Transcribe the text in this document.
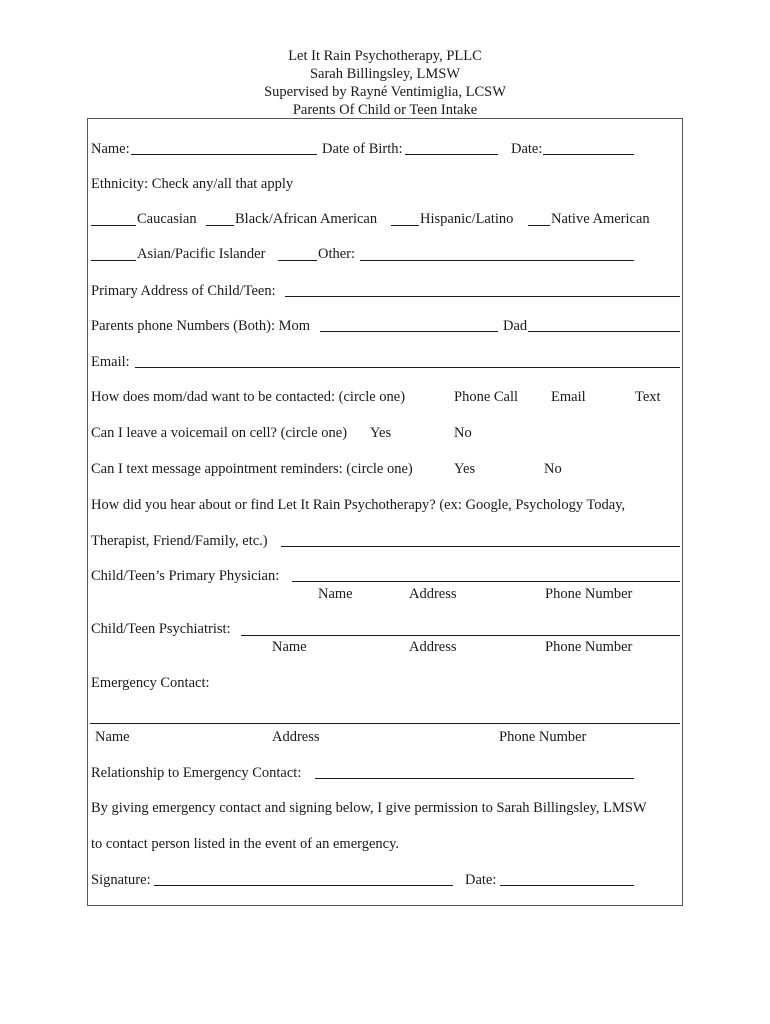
Let It Rain Psychotherapy, PLLC
Sarah Billingsley, LMSW
Supervised by Rayné Ventimiglia, LCSW
Parents Of Child or Teen Intake
Name:	Date of Birth:	Date:
Ethnicity: Check any/all that apply
Caucasian	Black/African American	Hispanic/Latino	Native American
Asian/Pacific Islander	Other:
Primary Address of Child/Teen:
Parents phone Numbers (Both): Mom	Dad
Email:
How does mom/dad want to be contacted: (circle one)	Phone Call Email	Text
Can I leave a voicemail on cell? (circle one) Yes	No
Can I text message appointment reminders: (circle one)	Yes	No
How did you hear about or find Let It Rain Psychotherapy? (ex: Google, Psychology Today,
Therapist, Friend/Family, etc.)
Child/Teen’s Primary Physician:
Name	Address	Phone Number
Child/Teen Psychiatrist:
Name	Address	Phone Number
Emergency Contact:
Name	Address	Phone Number
Relationship to Emergency Contact:
By giving emergency contact and signing below, I give permission to Sarah Billingsley, LMSW
to contact person listed in the event of an emergency.
Signature:	Date:
